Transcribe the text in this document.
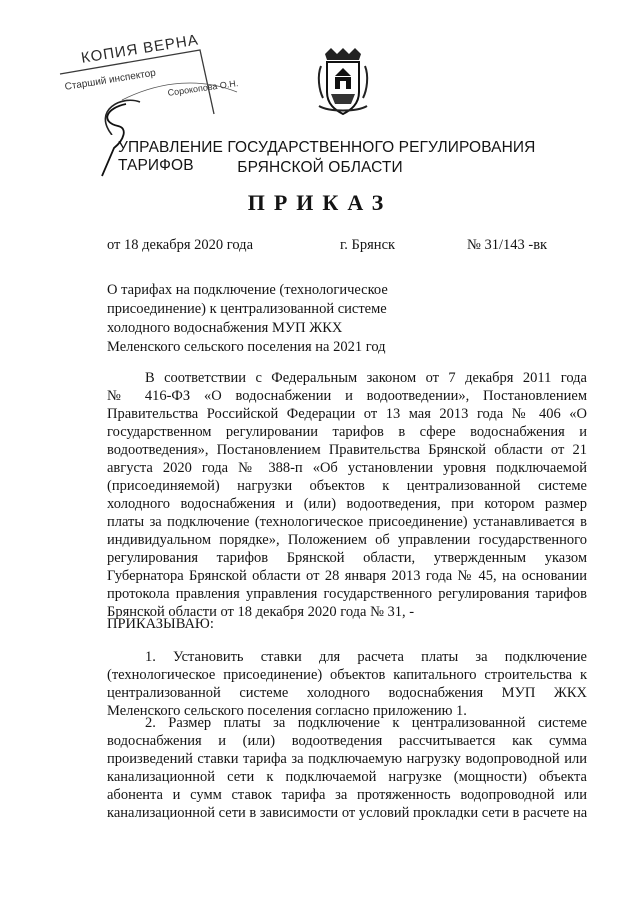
КОПИЯ ВЕРНА
Старший инспектор Сорокопова О.Н.
УПРАВЛЕНИЕ ГОСУДАРСТВЕННОГО РЕГУЛИРОВАНИЯ ТАРИФОВ	БРЯНСКОЙ ОБЛАСТИ
ПРИКАЗ
от 18 декабря 2020 года	г. Брянск	№ 31/143 -вк
О тарифах на подключение (технологическое
присоединение) к централизованной системе
холодного водоснабжения МУП ЖКХ
Меленского сельского поселения на 2021 год
В соответствии с Федеральным законом от 7 декабря 2011 года
№ 416-ФЗ «О водоснабжении и водоотведении», Постановлением
Правительства Российской Федерации от 13 мая 2013 года № 406 «О
государственном регулировании тарифов в сфере водоснабжения и
водоотведения», Постановлением Правительства Брянской области от 21
августа 2020 года № 388-п «Об установлении уровня подключаемой
(присоединяемой) нагрузки объектов к централизованной системе
холодного водоснабжения и (или) водоотведения, при котором размер
платы за подключение (технологическое присоединение) устанавливается в
индивидуальном порядке», Положением об управлении государственного
регулирования тарифов Брянской области, утвержденным указом
Губернатора Брянской области от 28 января 2013 года № 45, на основании
протокола правления управления государственного регулирования тарифов
Брянской области от 18 декабря 2020 года № 31, -
ПРИКАЗЫВАЮ:
1. Установить ставки для расчета платы за подключение
(технологическое присоединение) объектов капитального строительства к
централизованной системе холодного водоснабжения МУП ЖКХ
Меленского сельского поселения согласно приложению 1.
2. Размер платы за подключение к централизованной системе
водоснабжения и (или) водоотведения рассчитывается как сумма
произведений ставки тарифа за подключаемую нагрузку водопроводной или
канализационной сети к подключаемой нагрузке (мощности) объекта
абонента и сумм ставок тарифа за протяженность водопроводной или
канализационной сети в зависимости от условий прокладки сети в расчете на
